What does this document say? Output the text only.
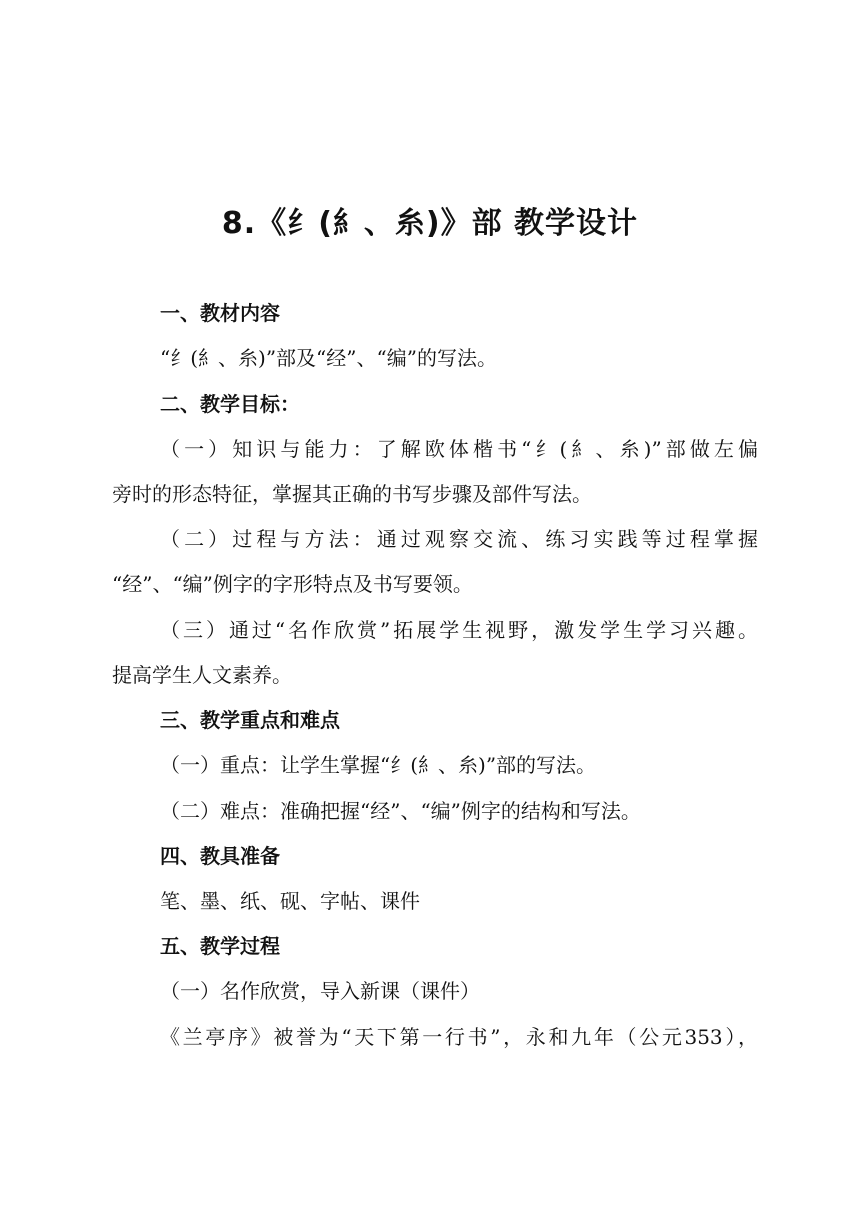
8.《纟(糹、糸)》部 教学设计
一、教材内容
“纟(糹、糸)”部及“经”、“编”的写法。
二、教学目标：
（一）知识与能力：了解欧体楷书“纟(糹、糸)”部做左偏
旁时的形态特征，掌握其正确的书写步骤及部件写法。
（二）过程与方法：通过观察交流、练习实践等过程掌握
“经”、“编”例字的字形特点及书写要领。
（三）通过“名作欣赏”拓展学生视野，激发学生学习兴趣。
提高学生人文素养。
三、教学重点和难点
（一）重点：让学生掌握“纟(糹、糸)”部的写法。
（二）难点：准确把握“经”、“编”例字的结构和写法。
四、教具准备
笔、墨、纸、砚、字帖、课件
五、教学过程
（一）名作欣赏，导入新课（课件）
《兰亭序》被誉为“天下第一行书”，永和九年（公元353），
